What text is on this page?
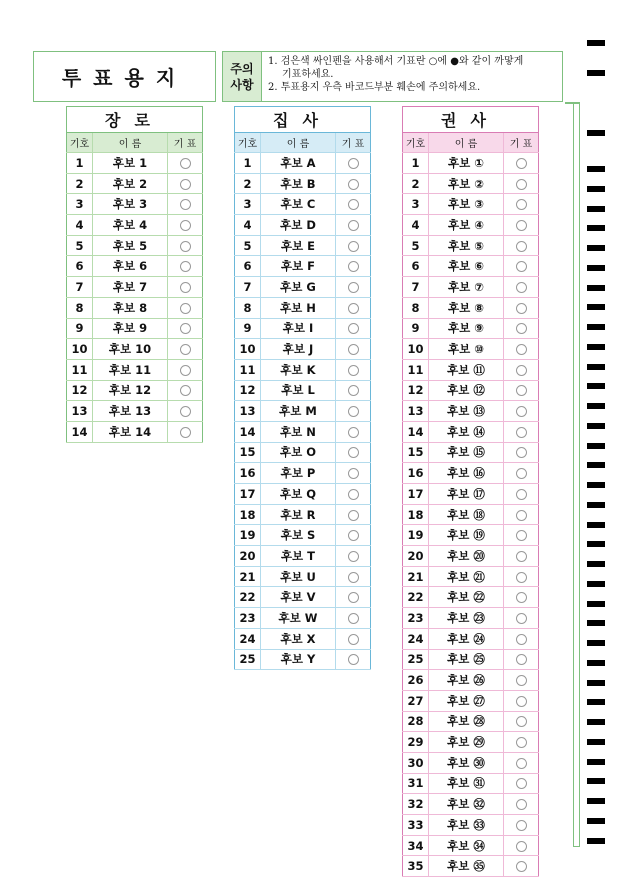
투표용지	주의
사항
1. 검은색 싸인펜을 사용해서 기표란 ○에 ●와 같이 까맣게
기표하세요.
2. 투표용지 우측 바코드부분 훼손에 주의하세요.
장로		
기호	이 름	기 표
1	후보 1	
2	후보 2	
3	후보 3	
4	후보 4	
5	후보 5	
6	후보 6	
7	후보 7	
8	후보 8	
9	후보 9	
10	후보 10	
11	후보 11	
12	후보 12	
13	후보 13	
14	후보 14	
집사		
기호	이 름	기 표
1	후보 A	
2	후보 B	
3	후보 C	
4	후보 D	
5	후보 E	
6	후보 F	
7	후보 G	
8	후보 H	
9	후보 I	
10	후보 J	
11	후보 K	
12	후보 L	
13	후보 M	
14	후보 N	
15	후보 O	
16	후보 P	
17	후보 Q	
18	후보 R	
19	후보 S	
20	후보 T	
21	후보 U	
22	후보 V	
23	후보 W	
24	후보 X	
25	후보 Y	
권사		
기호	이 름	기 표
1	후보 ①	
2	후보 ②	
3	후보 ③	
4	후보 ④	
5	후보 ⑤	
6	후보 ⑥	
7	후보 ⑦	
8	후보 ⑧	
9	후보 ⑨	
10	후보 ⑩	
11	후보 ⑪	
12	후보 ⑫	
13	후보 ⑬	
14	후보 ⑭	
15	후보 ⑮	
16	후보 ⑯	
17	후보 ⑰	
18	후보 ⑱	
19	후보 ⑲	
20	후보 ⑳	
21	후보 ㉑	
22	후보 ㉒	
23	후보 ㉓	
24	후보 ㉔	
25	후보 ㉕	
26	후보 ㉖	
27	후보 ㉗	
28	후보 ㉘	
29	후보 ㉙	
30	후보 ㉚	
31	후보 ㉛	
32	후보 ㉜	
33	후보 ㉝	
34	후보 ㉞	
35	후보 ㉟	
